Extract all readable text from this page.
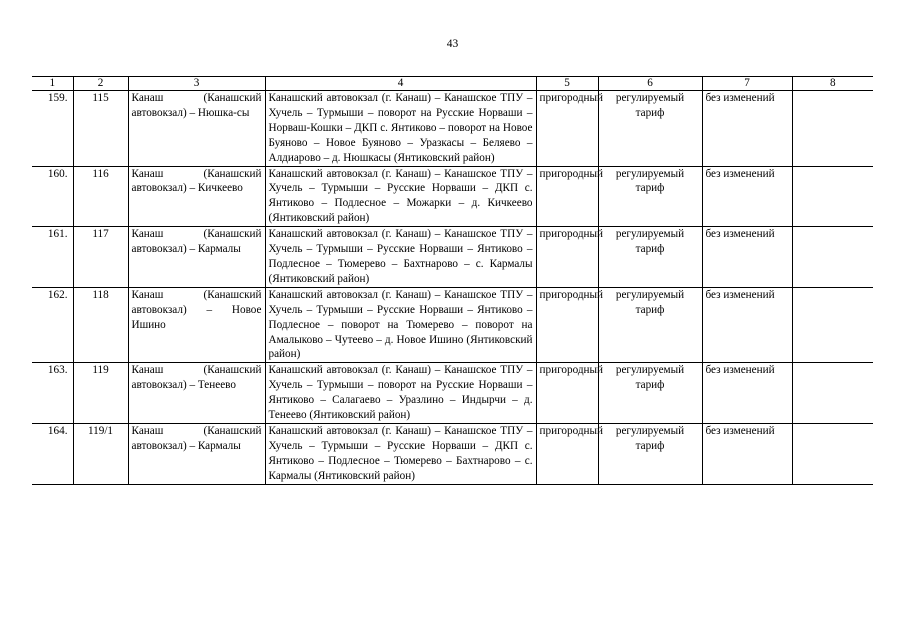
43
1	2	3	4	5	6	7	8
159.	115	Канаш (Канашский автовокзал) – Нюшка-сы	Канашский автовокзал (г. Канаш) – Канашское ТПУ – Хучель – Турмыши – поворот на Русские Норваши – Норваш-Кошки – ДКП с. Янтиково – поворот на Новое Буяново – Новое Буяново – Уразкасы – Беляево – Алдиарово – д. Нюшкасы (Янтиковский район)	пригородный	регулируемый тариф	без изменений	
160.	116	Канаш (Канашский автовокзал) – Кичкеево	Канашский автовокзал (г. Канаш) – Канашское ТПУ – Хучель – Турмыши – Русские Норваши – ДКП с. Янтиково – Подлесное – Можарки – д. Кичкеево (Янтиковский район)	пригородный	регулируемый тариф	без изменений	
161.	117	Канаш (Канашский автовокзал) – Кармалы	Канашский автовокзал (г. Канаш) – Канашское ТПУ – Хучель – Турмыши – Русские Норваши – Янтиково – Подлесное – Тюмерево – Бахтнарово – с. Кармалы (Янтиковский район)	пригородный	регулируемый тариф	без изменений	
162.	118	Канаш (Канашский автовокзал) – Новое Ишино	Канашский автовокзал (г. Канаш) – Канашское ТПУ – Хучель – Турмыши – Русские Норваши – Янтиково – Подлесное – поворот на Тюмерево – поворот на Амалыково – Чутеево – д. Новое Ишино (Янтиковский район)	пригородный	регулируемый тариф	без изменений	
163.	119	Канаш (Канашский автовокзал) – Тенеево	Канашский автовокзал (г. Канаш) – Канашское ТПУ – Хучель – Турмыши – поворот на Русские Норваши – Янтиково – Салагаево – Уразлино – Индырчи – д. Тенеево (Янтиковский район)	пригородный	регулируемый тариф	без изменений	
164.	119/1	Канаш (Канашский автовокзал) – Кармалы	Канашский автовокзал (г. Канаш) – Канашское ТПУ – Хучель – Турмыши – Русские Норваши – ДКП с. Янтиково – Подлесное – Тюмерево – Бахтнарово – с. Кармалы (Янтиковский район)	пригородный	регулируемый тариф	без изменений	
